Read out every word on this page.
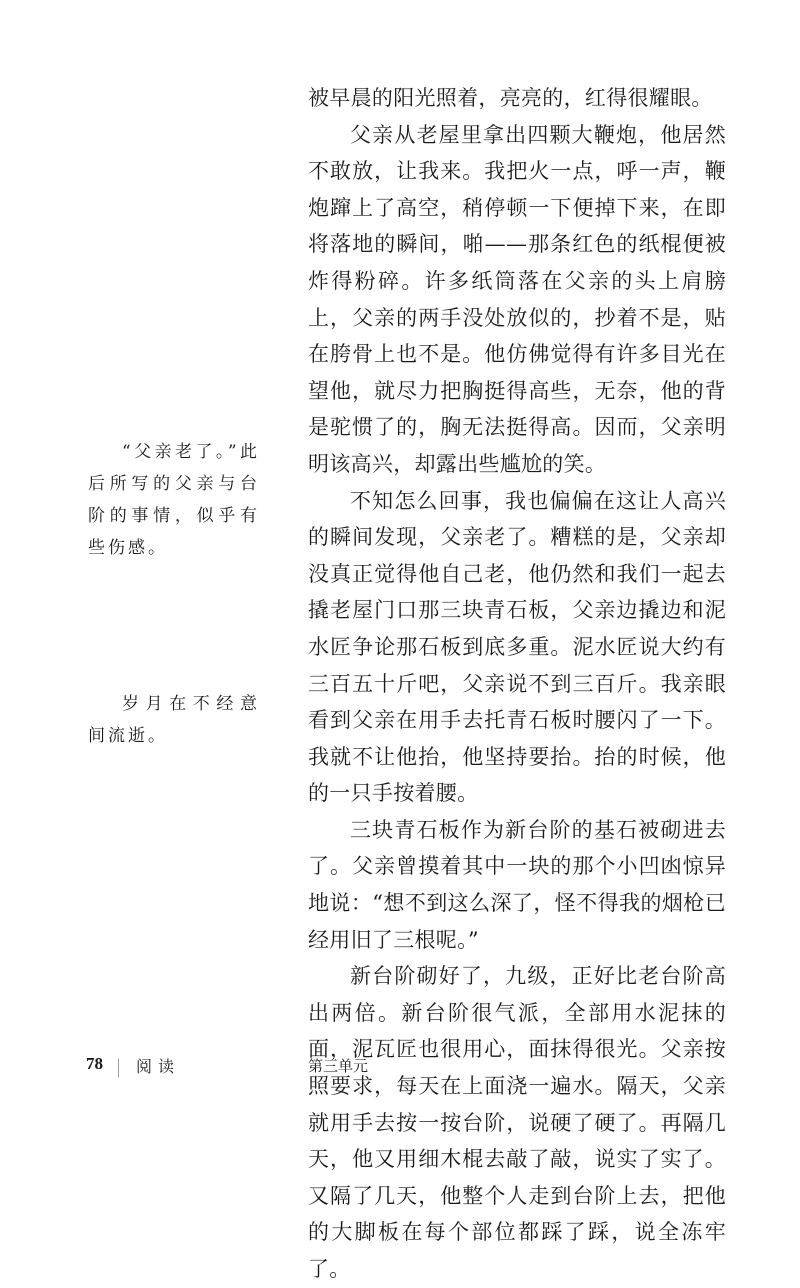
被早晨的阳光照着，亮亮的，红得很耀眼。

父亲从老屋里拿出四颗大鞭炮，他居然不敢放，让我来。我把火一点，呼一声，鞭炮蹿上了高空，稍停顿一下便掉下来，在即将落地的瞬间，啪——那条红色的纸棍便被炸得粉碎。许多纸筒落在父亲的头上肩膀上，父亲的两手没处放似的，抄着不是，贴在胯骨上也不是。他仿佛觉得有许多目光在望他，就尽力把胸挺得高些，无奈，他的背是驼惯了的，胸无法挺得高。因而，父亲明明该高兴，却露出些尴尬的笑。

不知怎么回事，我也偏偏在这让人高兴的瞬间发现，父亲老了。糟糕的是，父亲却没真正觉得他自己老，他仍然和我们一起去撬老屋门口那三块青石板，父亲边撬边和泥水匠争论那石板到底多重。泥水匠说大约有三百五十斤吧，父亲说不到三百斤。我亲眼看到父亲在用手去托青石板时腰闪了一下。我就不让他抬，他坚持要抬。抬的时候，他的一只手按着腰。

三块青石板作为新台阶的基石被砌进去了。父亲曾摸着其中一块的那个小凹凼惊异地说：“想不到这么深了，怪不得我的烟枪已经用旧了三根呢。”

新台阶砌好了，九级，正好比老台阶高出两倍。新台阶很气派，全部用水泥抹的面，泥瓦匠也很用心，面抹得很光。父亲按照要求，每天在上面浇一遍水。隔天，父亲就用手去按一按台阶，说硬了硬了。再隔几天，他又用细木棍去敲了敲，说实了实了。又隔了几天，他整个人走到台阶上去，把他的大脚板在每个部位都踩了踩，说全冻牢了。

“父亲老了。”此后所写的父亲与台阶的事情，似乎有些伤感。

岁月在不经意间流逝。

78 阅读	第三单元
